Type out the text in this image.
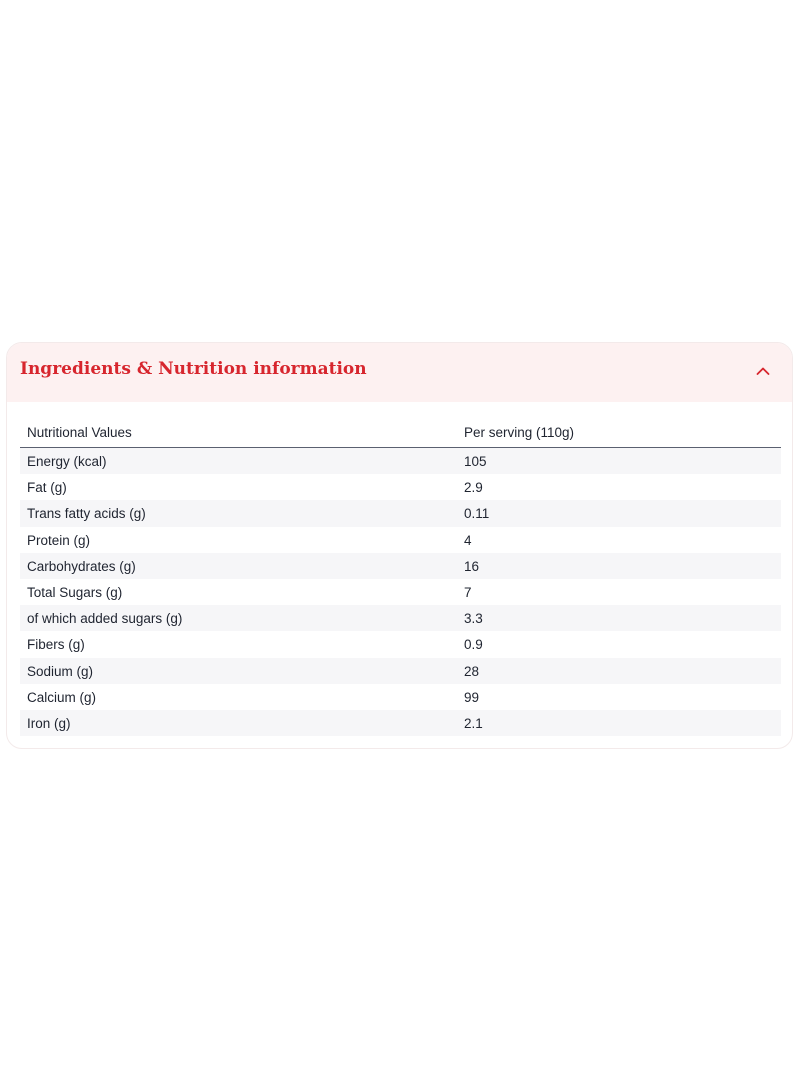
Ingredients & Nutrition information
Nutritional Values	Per serving (110g)
Energy (kcal)	105
Fat (g)	2.9
Trans fatty acids (g)	0.11
Protein (g)	4
Carbohydrates (g)	16
Total Sugars (g)	7
of which added sugars (g)	3.3
Fibers (g)	0.9
Sodium (g)	28
Calcium (g)	99
Iron (g)	2.1
